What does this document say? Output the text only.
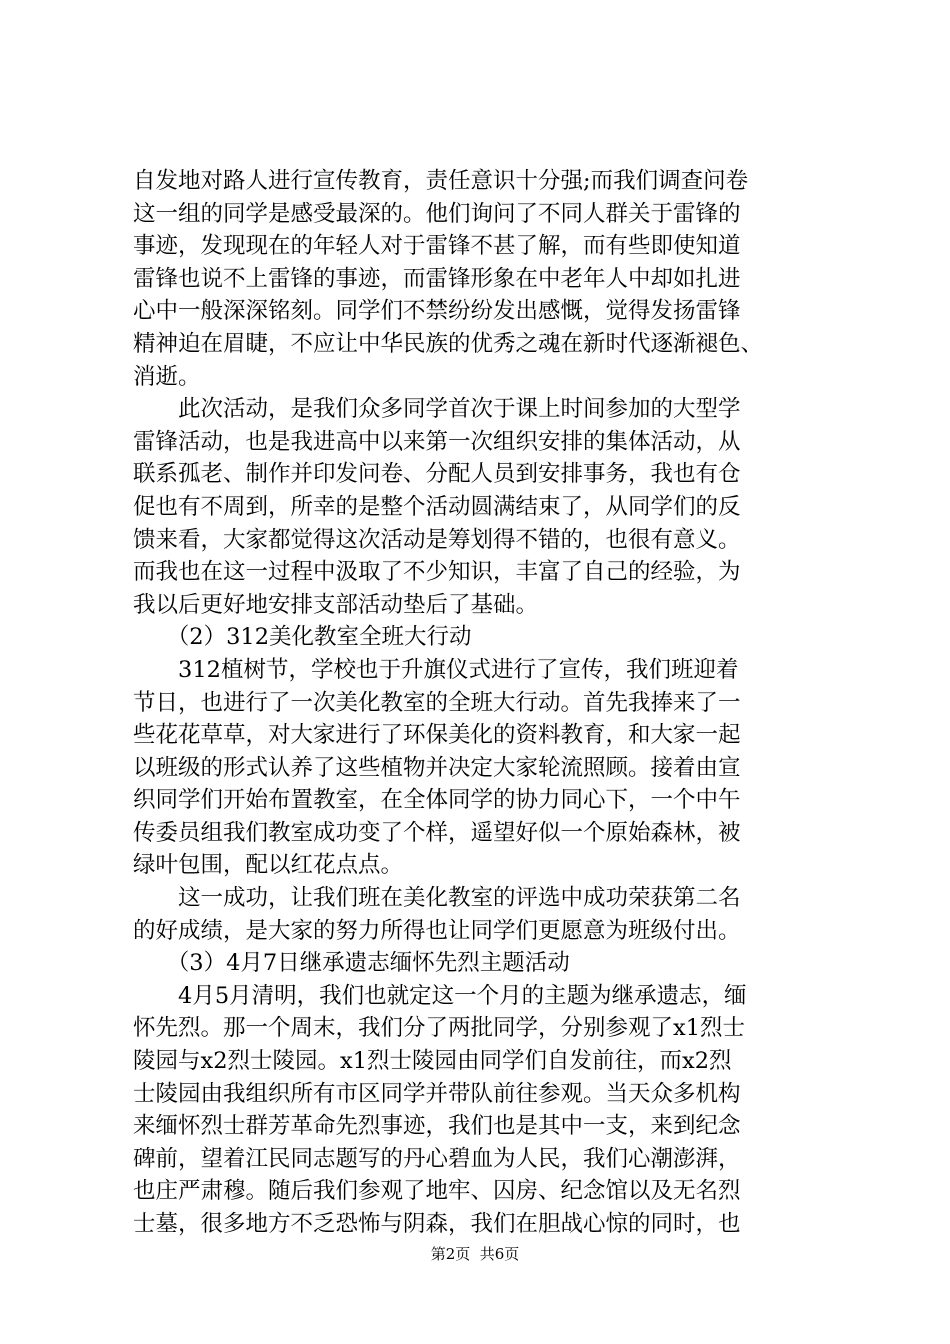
自发地对路人进行宣传教育，责任意识十分强;而我们调查问卷
这一组的同学是感受最深的。他们询问了不同人群关于雷锋的
事迹，发现现在的年轻人对于雷锋不甚了解，而有些即使知道
雷锋也说不上雷锋的事迹，而雷锋形象在中老年人中却如扎进
心中一般深深铭刻。同学们不禁纷纷发出感慨，觉得发扬雷锋
精神迫在眉睫，不应让中华民族的优秀之魂在新时代逐渐褪色、
消逝。
　　此次活动，是我们众多同学首次于课上时间参加的大型学
雷锋活动，也是我进高中以来第一次组织安排的集体活动，从
联系孤老、制作并印发问卷、分配人员到安排事务，我也有仓
促也有不周到，所幸的是整个活动圆满结束了，从同学们的反
馈来看，大家都觉得这次活动是筹划得不错的，也很有意义。
而我也在这一过程中汲取了不少知识，丰富了自己的经验，为
我以后更好地安排支部活动垫后了基础。
　　（2）312美化教室全班大行动
　　312植树节，学校也于升旗仪式进行了宣传，我们班迎着
节日，也进行了一次美化教室的全班大行动。首先我捧来了一
些花花草草，对大家进行了环保美化的资料教育，和大家一起
以班级的形式认养了这些植物并决定大家轮流照顾。接着由宣
织同学们开始布置教室，在全体同学的协力同心下，一个中午
传委员组我们教室成功变了个样，遥望好似一个原始森林，被
绿叶包围，配以红花点点。
　　这一成功，让我们班在美化教室的评选中成功荣获第二名
的好成绩，是大家的努力所得也让同学们更愿意为班级付出。
　　（3）4月7日继承遗志缅怀先烈主题活动
　　4月5月清明，我们也就定这一个月的主题为继承遗志，缅
怀先烈。那一个周末，我们分了两批同学，分别参观了x1烈士
陵园与x2烈士陵园。x1烈士陵园由同学们自发前往，而x2烈
士陵园由我组织所有市区同学并带队前往参观。当天众多机构
来缅怀烈士群芳革命先烈事迹，我们也是其中一支，来到纪念
碑前，望着江民同志题写的丹心碧血为人民，我们心潮澎湃，
也庄严肃穆。随后我们参观了地牢、囚房、纪念馆以及无名烈
士墓，很多地方不乏恐怖与阴森，我们在胆战心惊的同时，也
第2页  共6页
